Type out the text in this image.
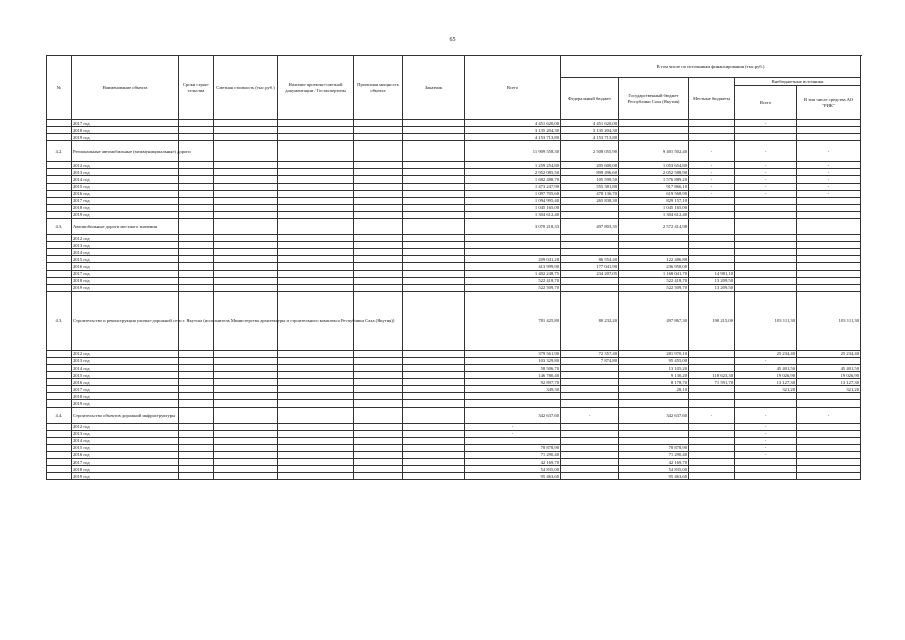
65
№	Наименование объекта	Сроки строи-тельства	Сметная стоимость (тыс.руб.)	Наличие проектно-сметной документации / Госэкспертизы	Проектная мощность объекта	Заказчик	Всего	В том числе по источникам финансирования (тыс.руб.)					
								Федеральный бюджет	Государственный бюджет Республики Саха (Якутия)	Местные бюджеты	Внебюджетные источники	
											Всего	В том числе средства АО "РИК"	
	2017 год						4 451 620,00	4 451 620,00			-		
	2018 год						3 135 204,30	3 135 204,30					
	2019 год						4 153 713,80	4 153 713,80					
4.2.	Региональные автомобильные (межмуниципальные) дороги						11 909 558,30	2 508 055,90	9 401 502,40	-	-	-	
	2012 год						1 259 254,80	205 600,00	1 053 654,80	-	-	-	
	2013 год						2 952 085,50	899 496,60	2 052 588,90	-	-	-	
	2014 год						1 682 488,70	105 599,50	1 576 889,20	-	-	-	
	2015 год						1 473 247,90	555 381,80	917 866,10	-	-	-	
	2016 год						1 097 705,60	478 136,70	619 568,90	-	-	-	
	2017 год						1 094 995,40	265 838,30	829 157,10				
	2018 год						1 045 165,00		1 045 165,00				
	2019 год						1 304 612,40		1 304 612,40				
4.3.	Автомобильные дороги местного значения						3 070 218,33	497 803,35	2 572 414,98				
	2012 год												
	2013 год												
	2014 год												
	2015 год						209 041,28	86 554,40	122 486,88				
	2016 год						413 999,90	177 041,90	236 958,00				
	2017 год						1 402 248,75	234 207,05	1 168 041,70	14 981,10			
	2018 год						522 418,70		522 418,70	13 209,50			
	2019 год						522 509,70		522 509,70	13 209,50			
4.3.	Строительство и реконструкция улично-дорожной сети г. Якутска (исполнитель Министерство архитектуры и строительного комплекса Республики Саха (Якутия))						781 425,80	80 232,20	497 867,30	190 215,00	103 111,30	103 111,30	
	2012 год						379 561,90	72 357,40	281 970,10		25 234,40	25 234,40	
	2013 год						103 329,80	7 874,80	95 455,00		-		
	2014 год						58 506,70		13 105,20		45 401,50	45 401,50	
	2015 год						146 780,40		9 130,20	118 623,30	19 026,90	19 026,90	
	2016 год						92 897,70		8 178,70	71 591,70	13 127,30	13 127,30	
	2017 год						349,30		28,10		321,20	321,20	
	2018 год												
	2019 год												
4.4.	Строительство объектов дорожной инфраструктуры						342 637,60	-	342 637,60	-	-	-	
	2012 год						-				-		
	2013 год						-				-		
	2014 год										-		
	2015 год						78 878,90		78 878,90		-		
	2016 год						71 290,40		71 290,40		-		
	2017 год						42 169,70		42 169,70				
	2018 год						54 835,00		54 835,00				
	2019 год						95 463,60		95 463,60				
